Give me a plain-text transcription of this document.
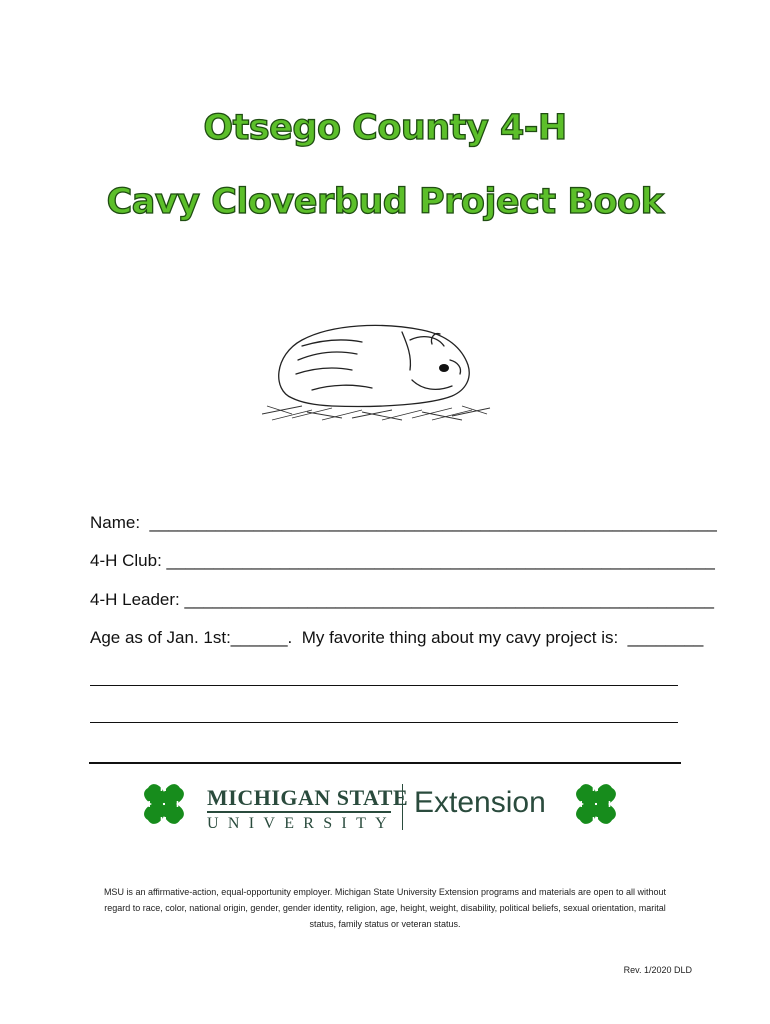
Otsego County 4-H
Cavy Cloverbud Project Book
Name:  ____________________________________________________________
4-H Club: __________________________________________________________
4-H Leader: ________________________________________________________
Age as of Jan. 1st:______.  My favorite thing about my cavy project is:  ________
H
H
H
H	MICHIGAN STATE
UNIVERSITY
Extension	H
H
H
H
MSU is an affirmative-action, equal-opportunity employer. Michigan State University Extension programs and materials are open to all without regard to race, color, national origin, gender, gender identity, religion, age, height, weight, disability, political beliefs, sexual orientation, marital status, family status or veteran status.
Rev. 1/2020 DLD
